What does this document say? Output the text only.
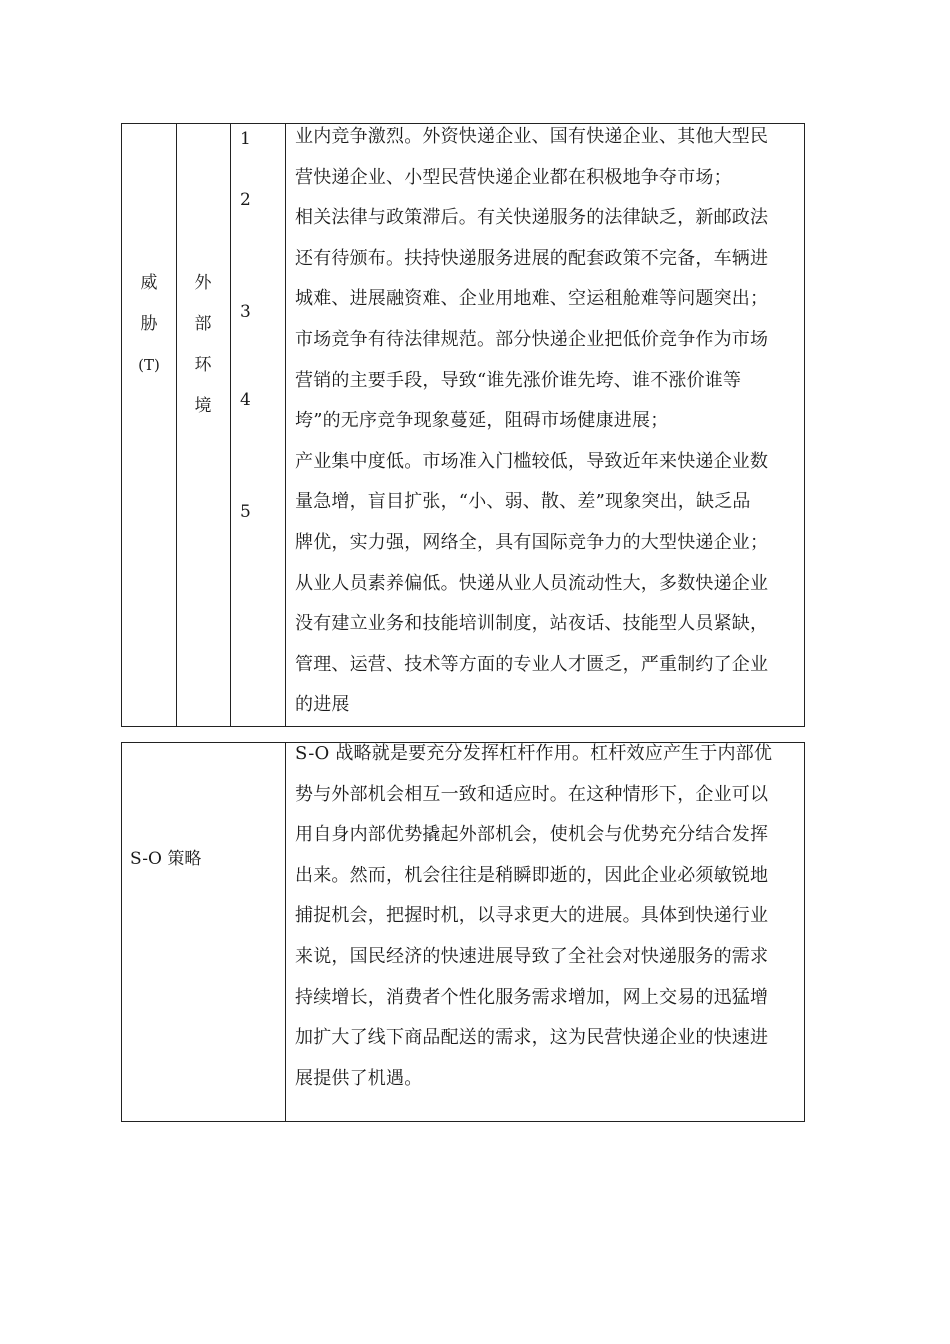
威
胁
(T)
外
部
环
境
1
2
3
4
5
业内竞争激烈。外资快递企业、国有快递企业、其他大型民
营快递企业、小型民营快递企业都在积极地争夺市场；
相关法律与政策滞后。有关快递服务的法律缺乏，新邮政法
还有待颁布。扶持快递服务进展的配套政策不完备，车辆进
城难、进展融资难、企业用地难、空运租舱难等问题突出；
市场竞争有待法律规范。部分快递企业把低价竞争作为市场
营销的主要手段，导致“谁先涨价谁先垮、谁不涨价谁等
垮”的无序竞争现象蔓延，阻碍市场健康进展；
产业集中度低。市场准入门槛较低，导致近年来快递企业数
量急增，盲目扩张，“小、弱、散、差”现象突出，缺乏品
牌优，实力强，网络全，具有国际竞争力的大型快递企业；
从业人员素养偏低。快递从业人员流动性大，多数快递企业
没有建立业务和技能培训制度，站夜话、技能型人员紧缺，
管理、运营、技术等方面的专业人才匮乏，严重制约了企业
的进展
S-O 策略
S-O 战略就是要充分发挥杠杆作用。杠杆效应产生于内部优
势与外部机会相互一致和适应时。在这种情形下，企业可以
用自身内部优势撬起外部机会，使机会与优势充分结合发挥
出来。然而，机会往往是稍瞬即逝的，因此企业必须敏锐地
捕捉机会，把握时机，以寻求更大的进展。具体到快递行业
来说，国民经济的快速进展导致了全社会对快递服务的需求
持续增长，消费者个性化服务需求增加，网上交易的迅猛增
加扩大了线下商品配送的需求，这为民营快递企业的快速进
展提供了机遇。
